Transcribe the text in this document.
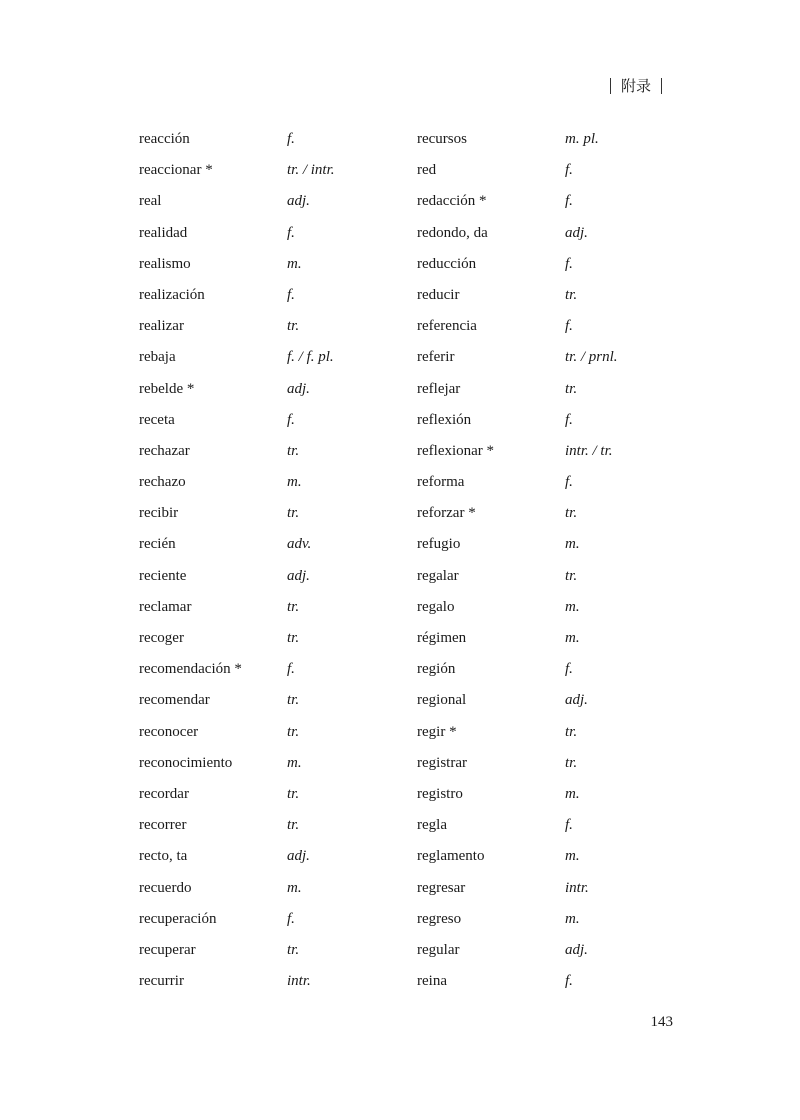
附录
reacción	f.
reaccionar *	tr. / intr.
real	adj.
realidad	f.
realismo	m.
realización	f.
realizar	tr.
rebaja	f. / f. pl.
rebelde *	adj.
receta	f.
rechazar	tr.
rechazo	m.
recibir	tr.
recién	adv.
reciente	adj.
reclamar	tr.
recoger	tr.
recomendación *	f.
recomendar	tr.
reconocer	tr.
reconocimiento	m.
recordar	tr.
recorrer	tr.
recto, ta	adj.
recuerdo	m.
recuperación	f.
recuperar	tr.
recurrir	intr.
recursos	m. pl.
red	f.
redacción *	f.
redondo, da	adj.
reducción	f.
reducir	tr.
referencia	f.
referir	tr. / prnl.
reflejar	tr.
reflexión	f.
reflexionar *	intr. / tr.
reforma	f.
reforzar *	tr.
refugio	m.
regalar	tr.
regalo	m.
régimen	m.
región	f.
regional	adj.
regir *	tr.
registrar	tr.
registro	m.
regla	f.
reglamento	m.
regresar	intr.
regreso	m.
regular	adj.
reina	f.
143
